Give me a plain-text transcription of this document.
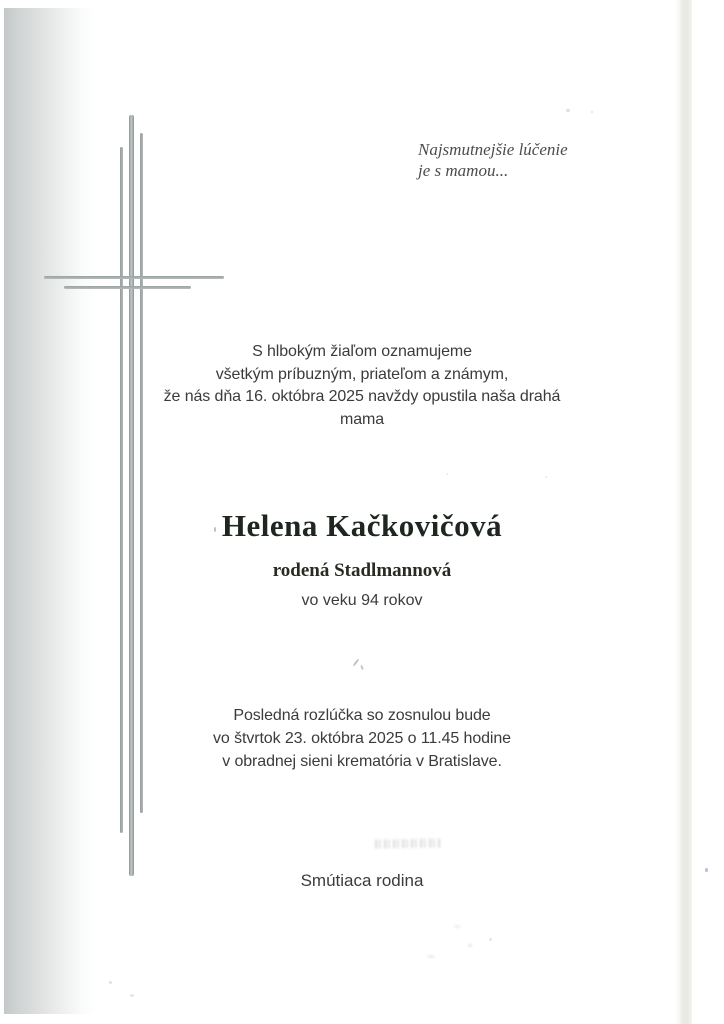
Najsmutnejšie lúčenie
je s mamou...
S hlbokým žiaľom oznamujeme
všetkým príbuzným, priateľom a známym,
že nás dňa 16. októbra 2025 navždy opustila naša drahá
mama
Helena Kačkovičová
rodená Stadlmannová
vo veku 94 rokov
Posledná rozlúčka so zosnulou bude
vo štvrtok 23. októbra 2025 o 11.45 hodine
v obradnej sieni krematória v Bratislave.
Smútiaca rodina
